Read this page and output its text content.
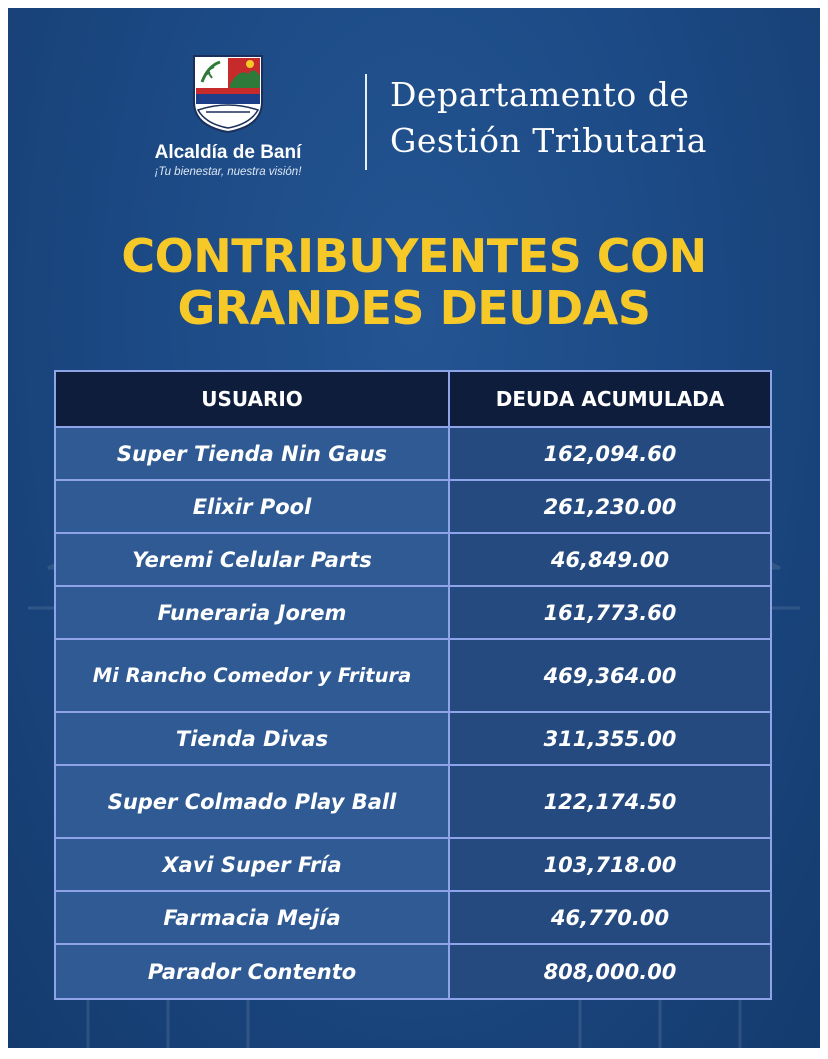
Alcaldía de Baní
¡Tu bienestar, nuestra visión!
Departamento de
Gestión Tributaria
CONTRIBUYENTES CON
GRANDES DEUDAS
USUARIO	DEUDA ACUMULADA
Super Tienda Nin Gaus	162,094.60
Elixir Pool	261,230.00
Yeremi Celular Parts	46,849.00
Funeraria Jorem	161,773.60
Mi Rancho Comedor y Fritura	469,364.00
Tienda Divas	311,355.00
Super Colmado Play Ball	122,174.50
Xavi Super Fría	103,718.00
Farmacia Mejía	46,770.00
Parador Contento	808,000.00
